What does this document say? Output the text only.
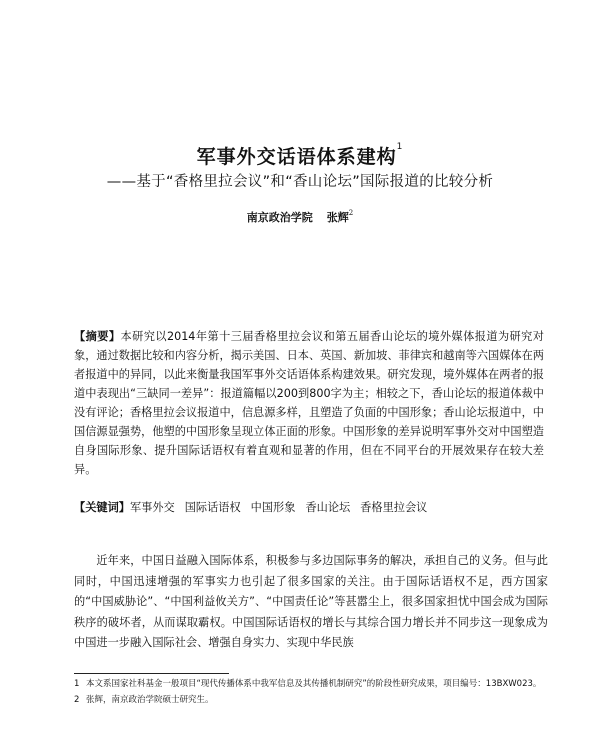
军事外交话语体系建构$^1$
——基于“香格里拉会议”和“香山论坛”国际报道的比较分析
南京政治学院 张辉$^2$
【摘要】本研究以2014年第十三届香格里拉会议和第五届香山论坛的境外媒体报道为研究对象，通过数据比较和内容分析，揭示美国、日本、英国、新加坡、菲律宾和越南等六国媒体在两者报道中的异同，以此来衡量我国军事外交话语体系构建效果。研究发现，境外媒体在两者的报道中表现出“三缺同一差异”：报道篇幅以200到800字为主；相较之下，香山论坛的报道体裁中没有评论；香格里拉会议报道中，信息源多样，且塑造了负面的中国形象；香山论坛报道中，中国信源显强势，他塑的中国形象呈现立体正面的形象。中国形象的差异说明军事外交对中国塑造自身国际形象、提升国际话语权有着直观和显著的作用，但在不同平台的开展效果存在较大差异。
【关键词】军事外交 国际话语权 中国形象 香山论坛 香格里拉会议
近年来，中国日益融入国际体系，积极参与多边国际事务的解决，承担自己的义务。但与此同时，中国迅速增强的军事实力也引起了很多国家的关注。由于国际话语权不足，西方国家的“中国威胁论”、“中国利益攸关方”、“中国责任论”等甚嚣尘上，很多国家担忧中国会成为国际秩序的破坏者，从而谋取霸权。中国国际话语权的增长与其综合国力增长并不同步这一现象成为中国进一步融入国际社会、增强自身实力、实现中华民族
1 本文系国家社科基金一般项目“现代传播体系中我军信息及其传播机制研究”的阶段性研究成果，项目编号：13BXW023。
2 张辉，南京政治学院硕士研究生。
